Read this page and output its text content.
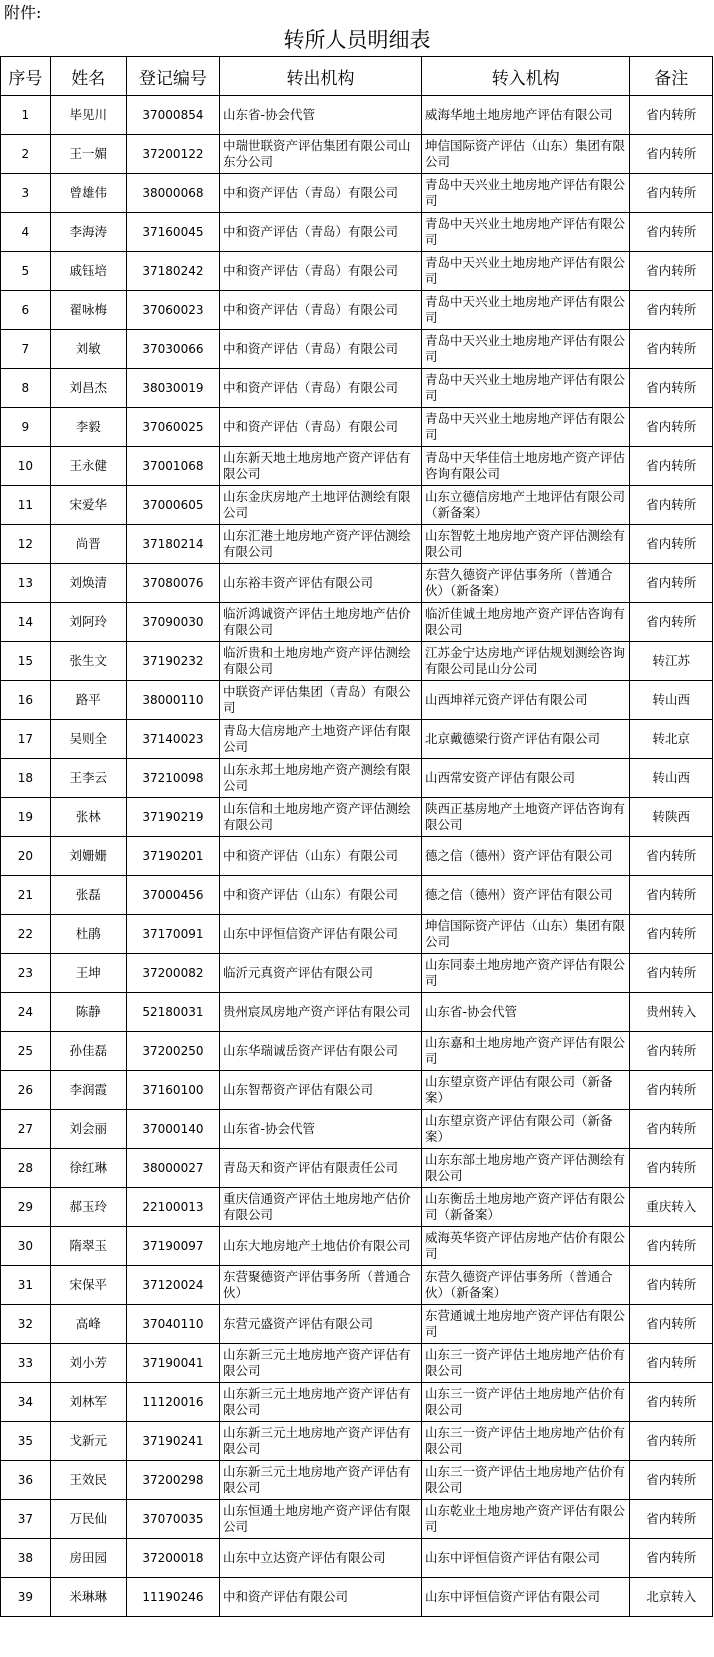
附件:
转所人员明细表
序号	姓名	登记编号	转出机构	转入机构	备注
1	毕见川	37000854	山东省-协会代管	威海华地土地房地产评估有限公司	省内转所
2	王一媚	37200122	中瑞世联资产评估集团有限公司山东分公司	坤信国际资产评估（山东）集团有限公司	省内转所
3	曾雄伟	38000068	中和资产评估（青岛）有限公司	青岛中天兴业土地房地产评估有限公司	省内转所
4	李海涛	37160045	中和资产评估（青岛）有限公司	青岛中天兴业土地房地产评估有限公司	省内转所
5	戚钰培	37180242	中和资产评估（青岛）有限公司	青岛中天兴业土地房地产评估有限公司	省内转所
6	翟咏梅	37060023	中和资产评估（青岛）有限公司	青岛中天兴业土地房地产评估有限公司	省内转所
7	刘敏	37030066	中和资产评估（青岛）有限公司	青岛中天兴业土地房地产评估有限公司	省内转所
8	刘昌杰	38030019	中和资产评估（青岛）有限公司	青岛中天兴业土地房地产评估有限公司	省内转所
9	李毅	37060025	中和资产评估（青岛）有限公司	青岛中天兴业土地房地产评估有限公司	省内转所
10	王永健	37001068	山东新天地土地房地产资产评估有限公司	青岛中天华佳信土地房地产资产评估咨询有限公司	省内转所
11	宋爱华	37000605	山东金庆房地产土地评估测绘有限公司	山东立德信房地产土地评估有限公司（新备案）	省内转所
12	尚晋	37180214	山东汇港土地房地产资产评估测绘有限公司	山东智乾土地房地产资产评估测绘有限公司	省内转所
13	刘焕清	37080076	山东裕丰资产评估有限公司	东营久德资产评估事务所（普通合伙）（新备案）	省内转所
14	刘阿玲	37090030	临沂鸿诚资产评估土地房地产估价有限公司	临沂佳诚土地房地产资产评估咨询有限公司	省内转所
15	张生文	37190232	临沂贵和土地房地产资产评估测绘有限公司	江苏金宁达房地产评估规划测绘咨询有限公司昆山分公司	转江苏
16	路平	38000110	中联资产评估集团（青岛）有限公司	山西坤祥元资产评估有限公司	转山西
17	吴则全	37140023	青岛大信房地产土地资产评估有限公司	北京戴德梁行资产评估有限公司	转北京
18	王李云	37210098	山东永邦土地房地产资产测绘有限公司	山西常安资产评估有限公司	转山西
19	张林	37190219	山东信和土地房地产资产评估测绘有限公司	陕西正基房地产土地资产评估咨询有限公司	转陕西
20	刘姗姗	37190201	中和资产评估（山东）有限公司	德之信（德州）资产评估有限公司	省内转所
21	张磊	37000456	中和资产评估（山东）有限公司	德之信（德州）资产评估有限公司	省内转所
22	杜鹃	37170091	山东中评恒信资产评估有限公司	坤信国际资产评估（山东）集团有限公司	省内转所
23	王坤	37200082	临沂元真资产评估有限公司	山东同泰土地房地产资产评估有限公司	省内转所
24	陈静	52180031	贵州宸凤房地产资产评估有限公司	山东省-协会代管	贵州转入
25	孙佳磊	37200250	山东华瑞诚岳资产评估有限公司	山东嘉和土地房地产资产评估有限公司	省内转所
26	李润霞	37160100	山东智帮资产评估有限公司	山东望京资产评估有限公司（新备案）	省内转所
27	刘会丽	37000140	山东省-协会代管	山东望京资产评估有限公司（新备案）	省内转所
28	徐红琳	38000027	青岛天和资产评估有限责任公司	山东东部土地房地产资产评估测绘有限公司	省内转所
29	郝玉玲	22100013	重庆信通资产评估土地房地产估价有限公司	山东衡岳土地房地产资产评估有限公司（新备案）	重庆转入
30	隋翠玉	37190097	山东大地房地产土地估价有限公司	威海英华资产评估房地产估价有限公司	省内转所
31	宋保平	37120024	东营聚德资产评估事务所（普通合伙）	东营久德资产评估事务所（普通合伙）（新备案）	省内转所
32	高峰	37040110	东营元盛资产评估有限公司	东营通诚土地房地产资产评估有限公司	省内转所
33	刘小芳	37190041	山东新三元土地房地产资产评估有限公司	山东三一资产评估土地房地产估价有限公司	省内转所
34	刘林军	11120016	山东新三元土地房地产资产评估有限公司	山东三一资产评估土地房地产估价有限公司	省内转所
35	戈新元	37190241	山东新三元土地房地产资产评估有限公司	山东三一资产评估土地房地产估价有限公司	省内转所
36	王效民	37200298	山东新三元土地房地产资产评估有限公司	山东三一资产评估土地房地产估价有限公司	省内转所
37	万民仙	37070035	山东恒通土地房地产资产评估有限公司	山东乾业土地房地产资产评估有限公司	省内转所
38	房田园	37200018	山东中立达资产评估有限公司	山东中评恒信资产评估有限公司	省内转所
39	米琳琳	11190246	中和资产评估有限公司	山东中评恒信资产评估有限公司	北京转入
